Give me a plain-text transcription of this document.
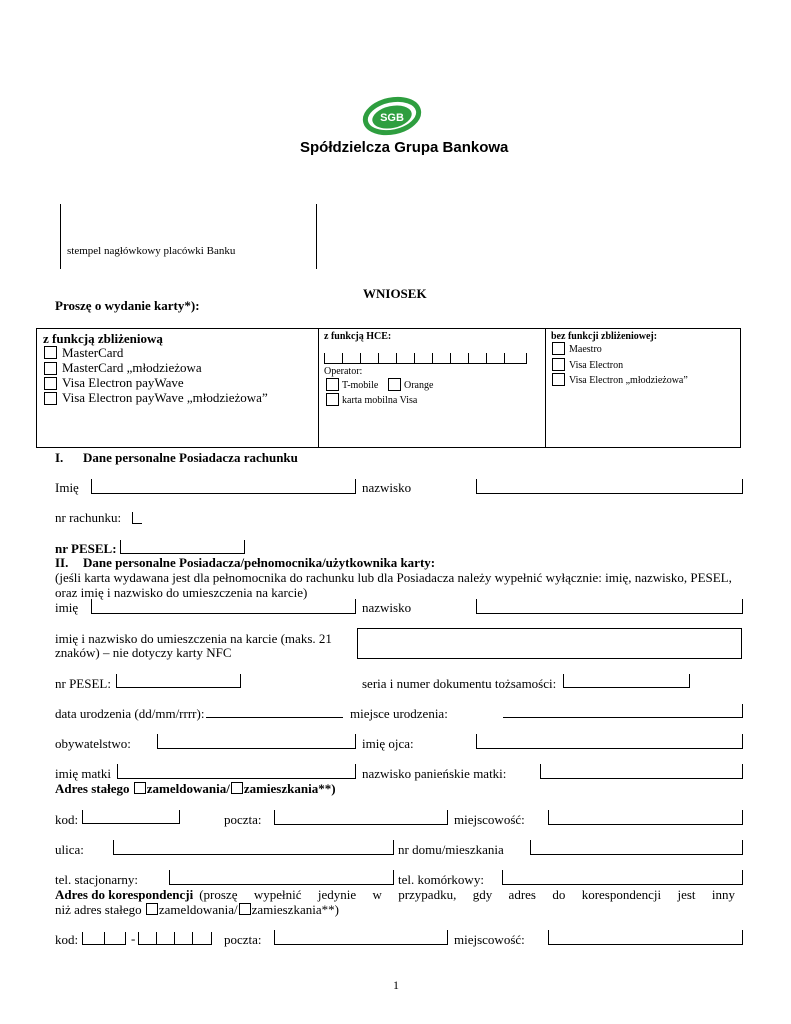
SGB
Spółdzielcza Grupa Bankowa
stempel nagłówkowy placówki Banku
WNIOSEK
Proszę o wydanie karty*):
z funkcją zbliżeniową
MasterCard
MasterCard „młodzieżowa
Visa Electron payWave
Visa Electron payWave „młodzieżowa”
z funkcją HCE:
Operator:
T-mobile	Orange
karta mobilna Visa
bez funkcji zbliżeniowej:
Maestro
Visa Electron
Visa Electron „młodzieżowa”
I. Dane personalne Posiadacza rachunku
Imię	nazwisko
nr rachunku:
nr PESEL:
II. Dane personalne Posiadacza/pełnomocnika/użytkownika karty:
(jeśli karta wydawana jest dla pełnomocnika do rachunku lub dla Posiadacza należy wypełnić wyłącznie: imię, nazwisko, PESEL,
oraz imię i nazwisko do umieszczenia na karcie)
imię	nazwisko
imię i nazwisko do umieszczenia na karcie (maks. 21
znaków) – nie dotyczy karty NFC
nr PESEL:	seria i numer dokumentu tożsamości:
data urodzenia (dd/mm/rrrr):	miejsce urodzenia:
obywatelstwo:	imię ojca:
imię matki	nazwisko panieńskie matki:
Adres stałego zameldowania/ zamieszkania**)
kod:	poczta:	miejscowość:
ulica:	nr domu/mieszkania
tel. stacjonarny:	tel. komórkowy:
Adres do korespondencji (proszę wypełnić jedynie w przypadku, gdy adres do korespondencji jest inny
niż adres stałego zameldowania/ zamieszkania**)
kod:	-	poczta:	miejscowość:
1
